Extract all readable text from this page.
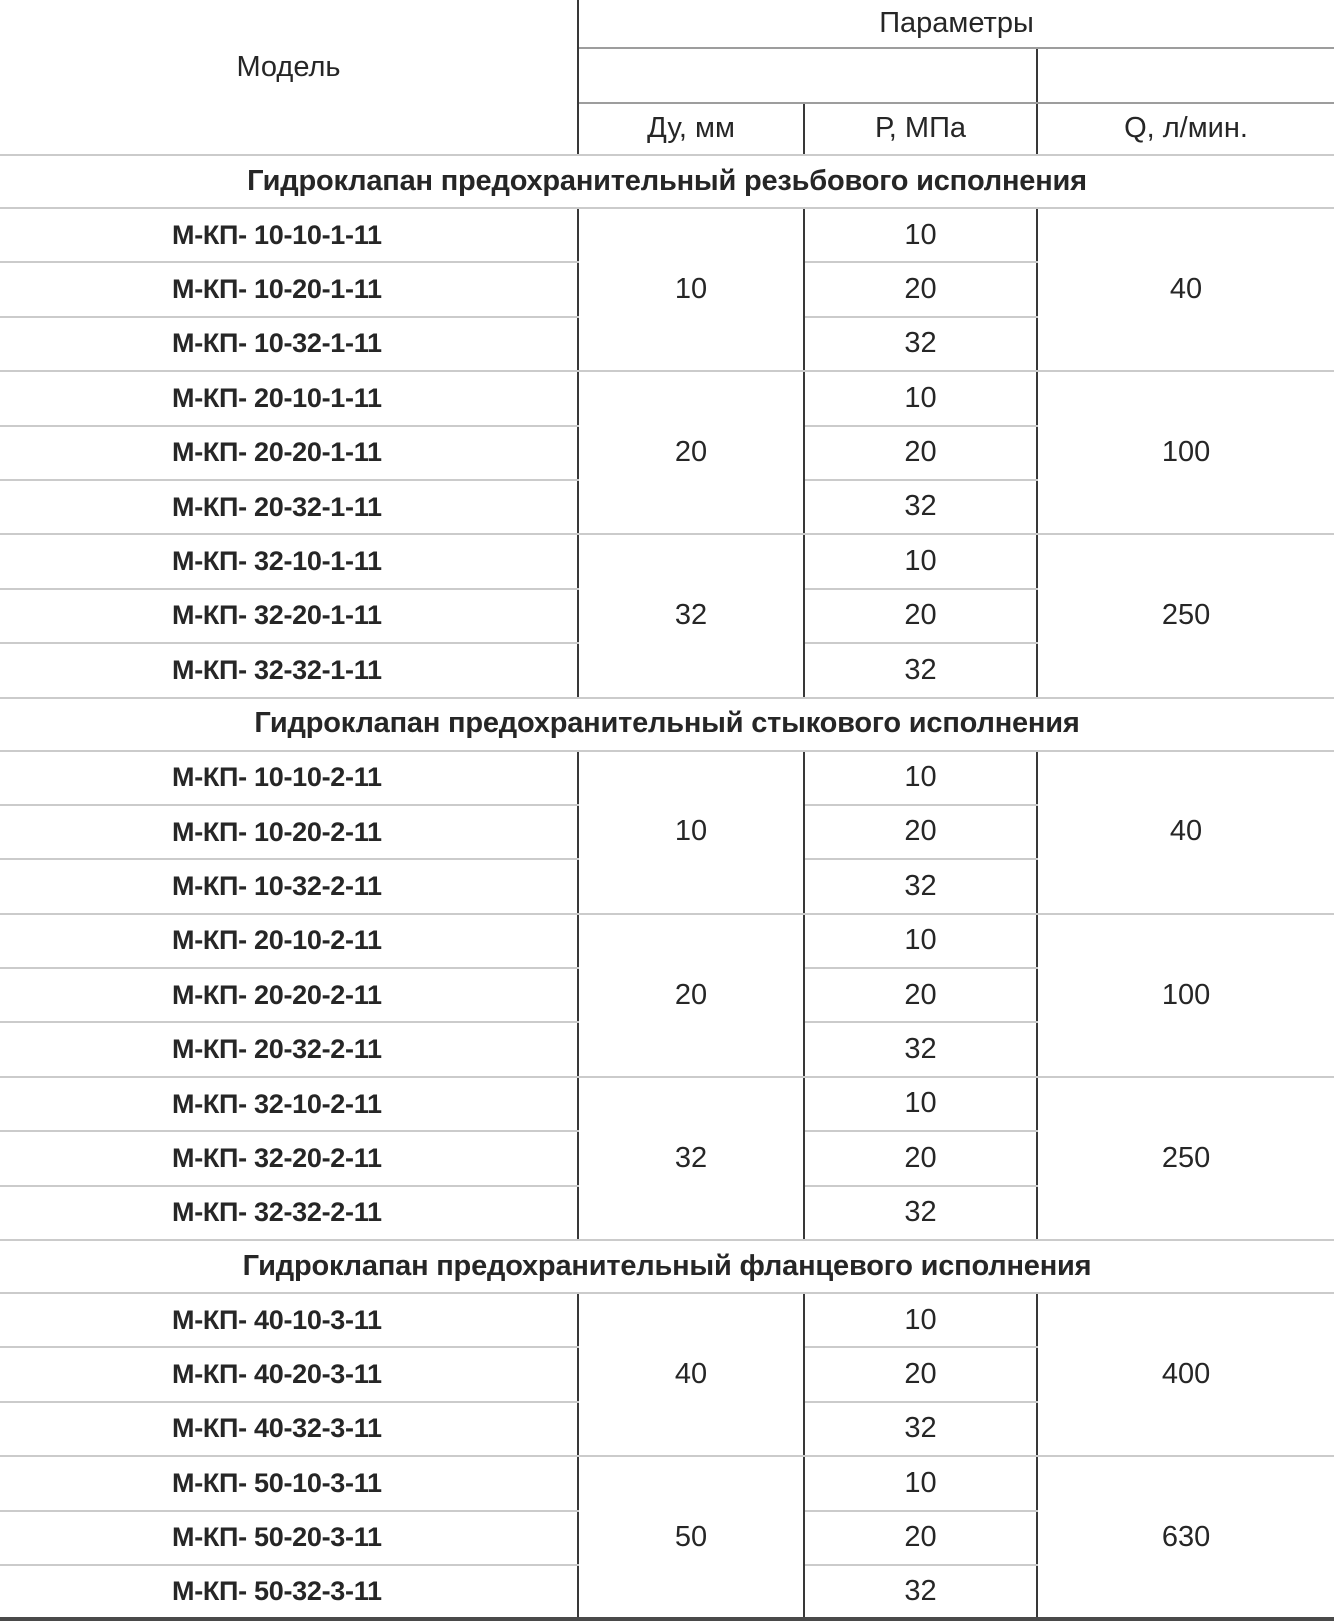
Модель	Параметры		

	Ду, мм	Р, МПа	Q, л/мин.
Гидроклапан предохранительный резьбового исполнения			
М-КП- 10-10-1-11	10	10	40
М-КП- 10-20-1-11		20	
М-КП- 10-32-1-11		32	
М-КП- 20-10-1-11	20	10	100
М-КП- 20-20-1-11		20	
М-КП- 20-32-1-11		32	
М-КП- 32-10-1-11	32	10	250
М-КП- 32-20-1-11		20	
М-КП- 32-32-1-11		32	
Гидроклапан предохранительный стыкового исполнения			
М-КП- 10-10-2-11	10	10	40
М-КП- 10-20-2-11		20	
М-КП- 10-32-2-11		32	
М-КП- 20-10-2-11	20	10	100
М-КП- 20-20-2-11		20	
М-КП- 20-32-2-11		32	
М-КП- 32-10-2-11	32	10	250
М-КП- 32-20-2-11		20	
М-КП- 32-32-2-11		32	
Гидроклапан предохранительный фланцевого исполнения			
М-КП- 40-10-3-11	40	10	400
М-КП- 40-20-3-11		20	
М-КП- 40-32-3-11		32	
М-КП- 50-10-3-11	50	10	630
М-КП- 50-20-3-11		20	
М-КП- 50-32-3-11		32	
